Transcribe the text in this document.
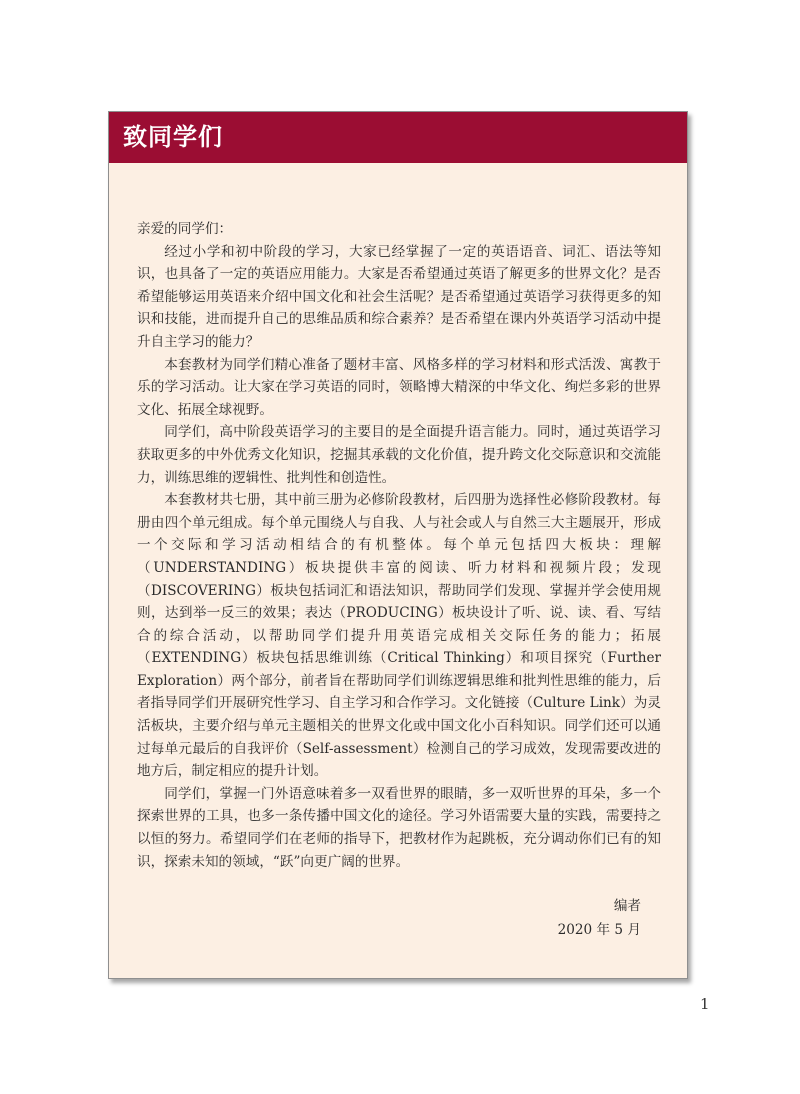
致同学们

亲爱的同学们：

经过小学和初中阶段的学习，大家已经掌握了一定的英语语音、词汇、语法等知识，也具备了一定的英语应用能力。大家是否希望通过英语了解更多的世界文化？是否希望能够运用英语来介绍中国文化和社会生活呢？是否希望通过英语学习获得更多的知识和技能，进而提升自己的思维品质和综合素养？是否希望在课内外英语学习活动中提升自主学习的能力？

本套教材为同学们精心准备了题材丰富、风格多样的学习材料和形式活泼、寓教于乐的学习活动。让大家在学习英语的同时，领略博大精深的中华文化、绚烂多彩的世界文化、拓展全球视野。

同学们，高中阶段英语学习的主要目的是全面提升语言能力。同时，通过英语学习获取更多的中外优秀文化知识，挖掘其承载的文化价值，提升跨文化交际意识和交流能力，训练思维的逻辑性、批判性和创造性。

本套教材共七册，其中前三册为必修阶段教材，后四册为选择性必修阶段教材。每册由四个单元组成。每个单元围绕人与自我、人与社会或人与自然三大主题展开，形成一个交际和学习活动相结合的有机整体。每个单元包括四大板块：理解（UNDERSTANDING）板块提供丰富的阅读、听力材料和视频片段；发现（DISCOVERING）板块包括词汇和语法知识，帮助同学们发现、掌握并学会使用规则，达到举一反三的效果；表达（PRODUCING）板块设计了听、说、读、看、写结合的综合活动，以帮助同学们提升用英语完成相关交际任务的能力；拓展（EXTENDING）板块包括思维训练（Critical Thinking）和项目探究（Further Exploration）两个部分，前者旨在帮助同学们训练逻辑思维和批判性思维的能力，后者指导同学们开展研究性学习、自主学习和合作学习。文化链接（Culture Link）为灵活板块，主要介绍与单元主题相关的世界文化或中国文化小百科知识。同学们还可以通过每单元最后的自我评价（Self-assessment）检测自己的学习成效，发现需要改进的地方后，制定相应的提升计划。

同学们，掌握一门外语意味着多一双看世界的眼睛，多一双听世界的耳朵，多一个探索世界的工具，也多一条传播中国文化的途径。学习外语需要大量的实践，需要持之以恒的努力。希望同学们在老师的指导下，把教材作为起跳板，充分调动你们已有的知识，探索未知的领域，“跃”向更广阔的世界。

编者
2020 年 5 月
1
